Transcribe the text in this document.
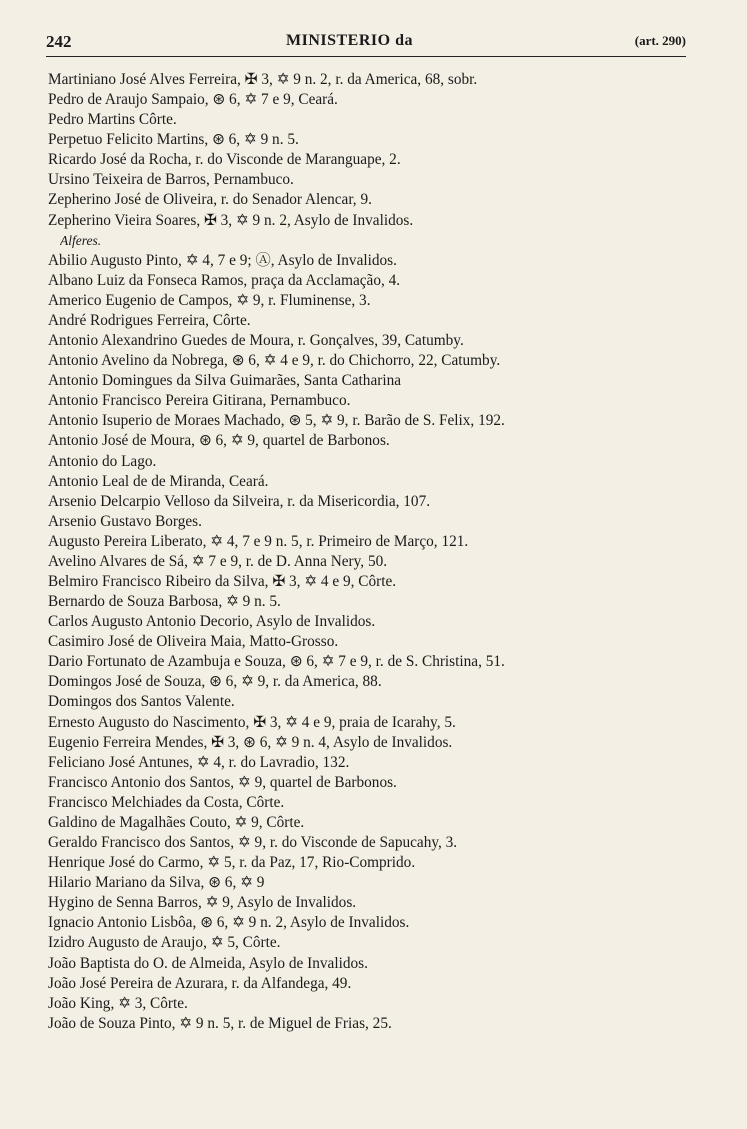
242	MINISTERIO da	(art. 290)
Martiniano José Alves Ferreira, ✠ 3, ✡ 9 n. 2, r. da America, 68, sobr.
Pedro de Araujo Sampaio, ⊛ 6, ✡ 7 e 9, Ceará.
Pedro Martins Côrte.
Perpetuo Felicito Martins, ⊛ 6, ✡ 9 n. 5.
Ricardo José da Rocha, r. do Visconde de Maranguape, 2.
Ursino Teixeira de Barros, Pernambuco.
Zepherino José de Oliveira, r. do Senador Alencar, 9.
Zepherino Vieira Soares, ✠ 3, ✡ 9 n. 2, Asylo de Invalidos.
Alferes.
Abilio Augusto Pinto, ✡ 4, 7 e 9; Ⓐ, Asylo de Invalidos.
Albano Luiz da Fonseca Ramos, praça da Acclamação, 4.
Americo Eugenio de Campos, ✡ 9, r. Fluminense, 3.
André Rodrigues Ferreira, Côrte.
Antonio Alexandrino Guedes de Moura, r. Gonçalves, 39, Catumby.
Antonio Avelino da Nobrega, ⊛ 6, ✡ 4 e 9, r. do Chichorro, 22, Catumby.
Antonio Domingues da Silva Guimarães, Santa Catharina
Antonio Francisco Pereira Gitirana, Pernambuco.
Antonio Isuperio de Moraes Machado, ⊛ 5, ✡ 9, r. Barão de S. Felix, 192.
Antonio José de Moura, ⊛ 6, ✡ 9, quartel de Barbonos.
Antonio do Lago.
Antonio Leal de de Miranda, Ceará.
Arsenio Delcarpio Velloso da Silveira, r. da Misericordia, 107.
Arsenio Gustavo Borges.
Augusto Pereira Liberato, ✡ 4, 7 e 9 n. 5, r. Primeiro de Março, 121.
Avelino Alvares de Sá, ✡ 7 e 9, r. de D. Anna Nery, 50.
Belmiro Francisco Ribeiro da Silva, ✠ 3, ✡ 4 e 9, Côrte.
Bernardo de Souza Barbosa, ✡ 9 n. 5.
Carlos Augusto Antonio Decorio, Asylo de Invalidos.
Casimiro José de Oliveira Maia, Matto-Grosso.
Dario Fortunato de Azambuja e Souza, ⊛ 6, ✡ 7 e 9, r. de S. Christina, 51.
Domingos José de Souza, ⊛ 6, ✡ 9, r. da America, 88.
Domingos dos Santos Valente.
Ernesto Augusto do Nascimento, ✠ 3, ✡ 4 e 9, praia de Icarahy, 5.
Eugenio Ferreira Mendes, ✠ 3, ⊛ 6, ✡ 9 n. 4, Asylo de Invalidos.
Feliciano José Antunes, ✡ 4, r. do Lavradio, 132.
Francisco Antonio dos Santos, ✡ 9, quartel de Barbonos.
Francisco Melchiades da Costa, Côrte.
Galdino de Magalhães Couto, ✡ 9, Côrte.
Geraldo Francisco dos Santos, ✡ 9, r. do Visconde de Sapucahy, 3.
Henrique José do Carmo, ✡ 5, r. da Paz, 17, Rio-Comprido.
Hilario Mariano da Silva, ⊛ 6, ✡ 9
Hygino de Senna Barros, ✡ 9, Asylo de Invalidos.
Ignacio Antonio Lisbôa, ⊛ 6, ✡ 9 n. 2, Asylo de Invalidos.
Izidro Augusto de Araujo, ✡ 5, Côrte.
João Baptista do O. de Almeida, Asylo de Invalidos.
João José Pereira de Azurara, r. da Alfandega, 49.
João King, ✡ 3, Côrte.
João de Souza Pinto, ✡ 9 n. 5, r. de Miguel de Frias, 25.
